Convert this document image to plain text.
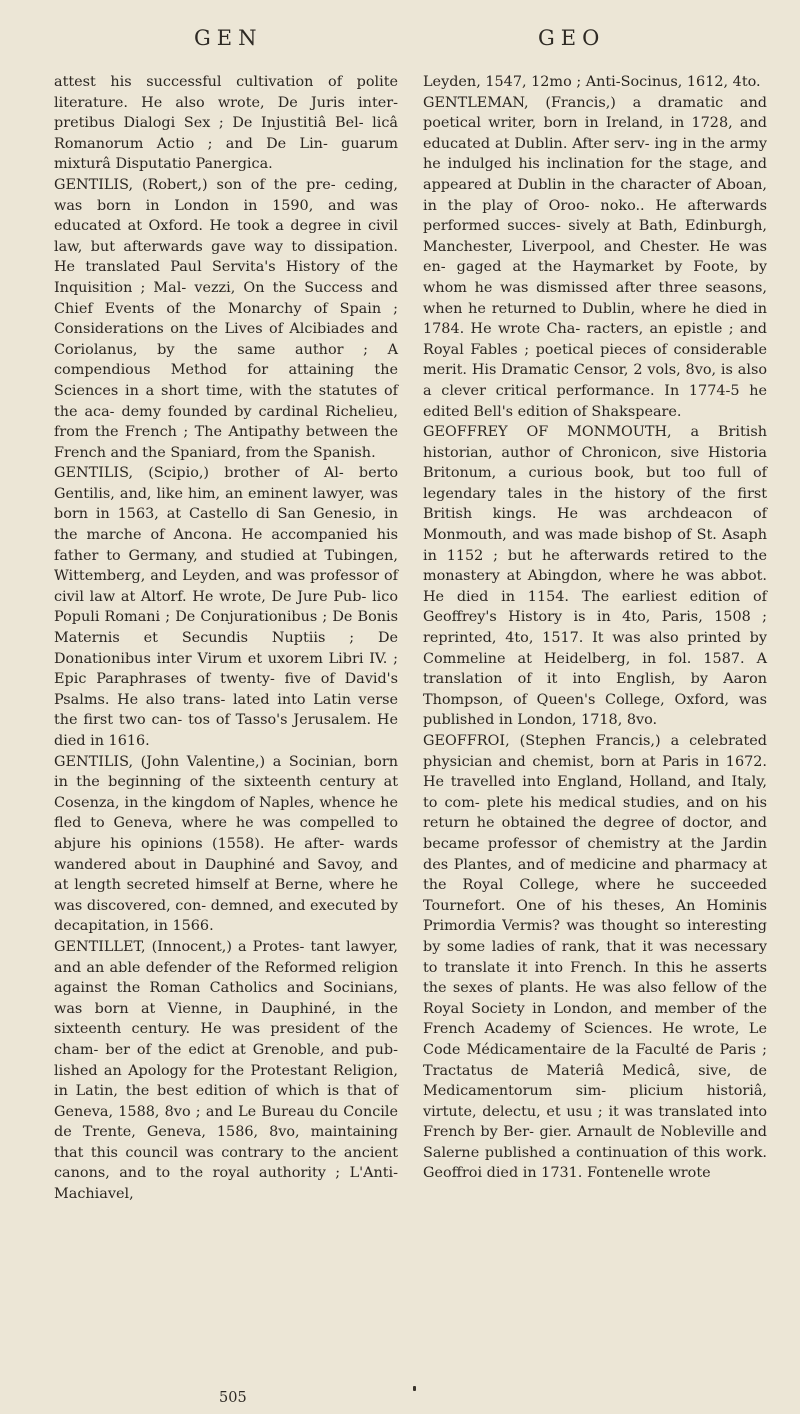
GEN	GEO

attest his successful cultivation of polite literature. He also wrote, De Juris inter- pretibus Dialogi Sex ; De Injustitiâ Bel- licâ Romanorum Actio ; and De Lin- guarum mixturâ Disputatio Panergica.

GENTILIS, (Robert,) son of the pre- ceding, was born in London in 1590, and was educated at Oxford. He took a degree in civil law, but afterwards gave way to dissipation. He translated Paul Servita's History of the Inquisition ; Mal- vezzi, On the Success and Chief Events of the Monarchy of Spain ; Considerations on the Lives of Alcibiades and Coriolanus, by the same author ; A compendious Method for attaining the Sciences in a short time, with the statutes of the aca- demy founded by cardinal Richelieu, from the French ; The Antipathy between the French and the Spaniard, from the Spanish.

GENTILIS, (Scipio,) brother of Al- berto Gentilis, and, like him, an eminent lawyer, was born in 1563, at Castello di San Genesio, in the marche of Ancona. He accompanied his father to Germany, and studied at Tubingen, Wittemberg, and Leyden, and was professor of civil law at Altorf. He wrote, De Jure Pub- lico Populi Romani ; De Conjurationibus ; De Bonis Maternis et Secundis Nuptiis ; De Donationibus inter Virum et uxorem Libri IV. ; Epic Paraphrases of twenty- five of David's Psalms. He also trans- lated into Latin verse the first two can- tos of Tasso's Jerusalem. He died in 1616.

GENTILIS, (John Valentine,) a Socinian, born in the beginning of the sixteenth century at Cosenza, in the kingdom of Naples, whence he fled to Geneva, where he was compelled to abjure his opinions (1558). He after- wards wandered about in Dauphiné and Savoy, and at length secreted himself at Berne, where he was discovered, con- demned, and executed by decapitation, in 1566.

GENTILLET, (Innocent,) a Protes- tant lawyer, and an able defender of the Reformed religion against the Roman Catholics and Socinians, was born at Vienne, in Dauphiné, in the sixteenth century. He was president of the cham- ber of the edict at Grenoble, and pub- lished an Apology for the Protestant Religion, in Latin, the best edition of which is that of Geneva, 1588, 8vo ; and Le Bureau du Concile de Trente, Geneva, 1586, 8vo, maintaining that this council was contrary to the ancient canons, and to the royal authority ; L'Anti-Machiavel,

Leyden, 1547, 12mo ; Anti-Socinus, 1612, 4to.

GENTLEMAN, (Francis,) a dramatic and poetical writer, born in Ireland, in 1728, and educated at Dublin. After serv- ing in the army he indulged his inclination for the stage, and appeared at Dublin in the character of Aboan, in the play of Oroo- noko.. He afterwards performed succes- sively at Bath, Edinburgh, Manchester, Liverpool, and Chester. He was en- gaged at the Haymarket by Foote, by whom he was dismissed after three seasons, when he returned to Dublin, where he died in 1784. He wrote Cha- racters, an epistle ; and Royal Fables ; poetical pieces of considerable merit. His Dramatic Censor, 2 vols, 8vo, is also a clever critical performance. In 1774-5 he edited Bell's edition of Shakspeare.

GEOFFREY OF MONMOUTH, a British historian, author of Chronicon, sive Historia Britonum, a curious book, but too full of legendary tales in the history of the first British kings. He was archdeacon of Monmouth, and was made bishop of St. Asaph in 1152 ; but he afterwards retired to the monastery at Abingdon, where he was abbot. He died in 1154. The earliest edition of Geoffrey's History is in 4to, Paris, 1508 ; reprinted, 4to, 1517. It was also printed by Commeline at Heidelberg, in fol. 1587. A translation of it into English, by Aaron Thompson, of Queen's College, Oxford, was published in London, 1718, 8vo.

GEOFFROI, (Stephen Francis,) a celebrated physician and chemist, born at Paris in 1672. He travelled into England, Holland, and Italy, to com- plete his medical studies, and on his return he obtained the degree of doctor, and became professor of chemistry at the Jardin des Plantes, and of medicine and pharmacy at the Royal College, where he succeeded Tournefort. One of his theses, An Hominis Primordia Vermis? was thought so interesting by some ladies of rank, that it was necessary to translate it into French. In this he asserts the sexes of plants. He was also fellow of the Royal Society in London, and member of the French Academy of Sciences. He wrote, Le Code Médicamentaire de la Faculté de Paris ; Tractatus de Materiâ Medicâ, sive, de Medicamentorum sim- plicium historiâ, virtute, delectu, et usu ; it was translated into French by Ber- gier. Arnault de Nobleville and Salerne published a continuation of this work. Geoffroi died in 1731. Fontenelle wrote

505
